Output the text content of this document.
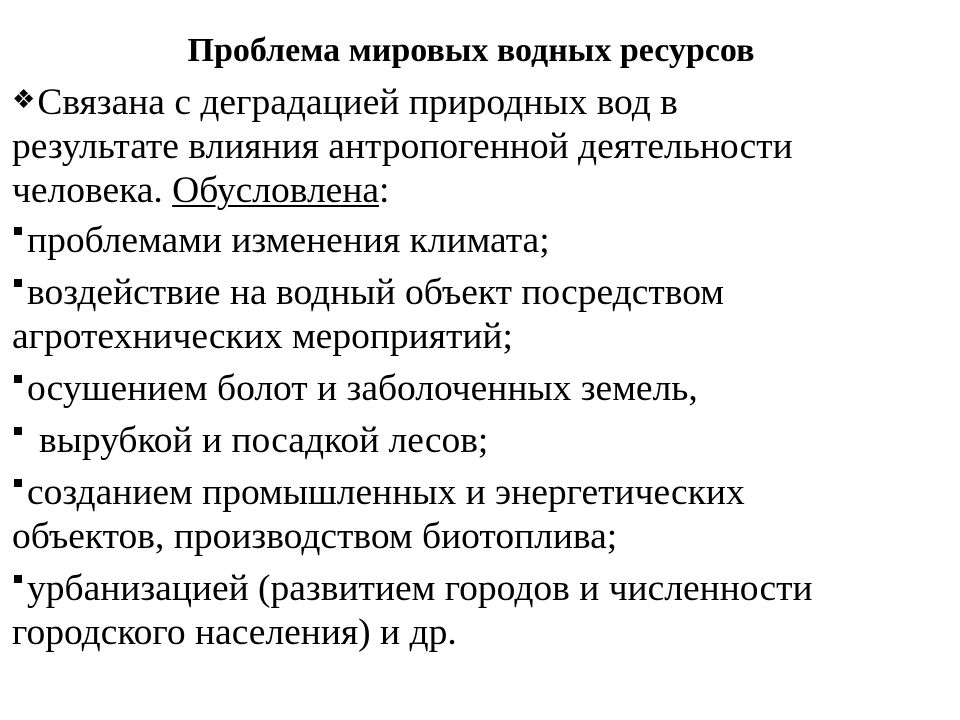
Проблема мировых водных ресурсов

❖Связана с деградацией природных вод в
результате влияния антропогенной деятельности
человека. Обусловлена:

проблемами изменения климата;
воздействие на водный объект посредством
агротехнических мероприятий;
осушением болот и заболоченных земель,
вырубкой и посадкой лесов;
созданием промышленных и энергетических
объектов, производством биотоплива;
урбанизацией (развитием городов и численности
городского населения) и др.
